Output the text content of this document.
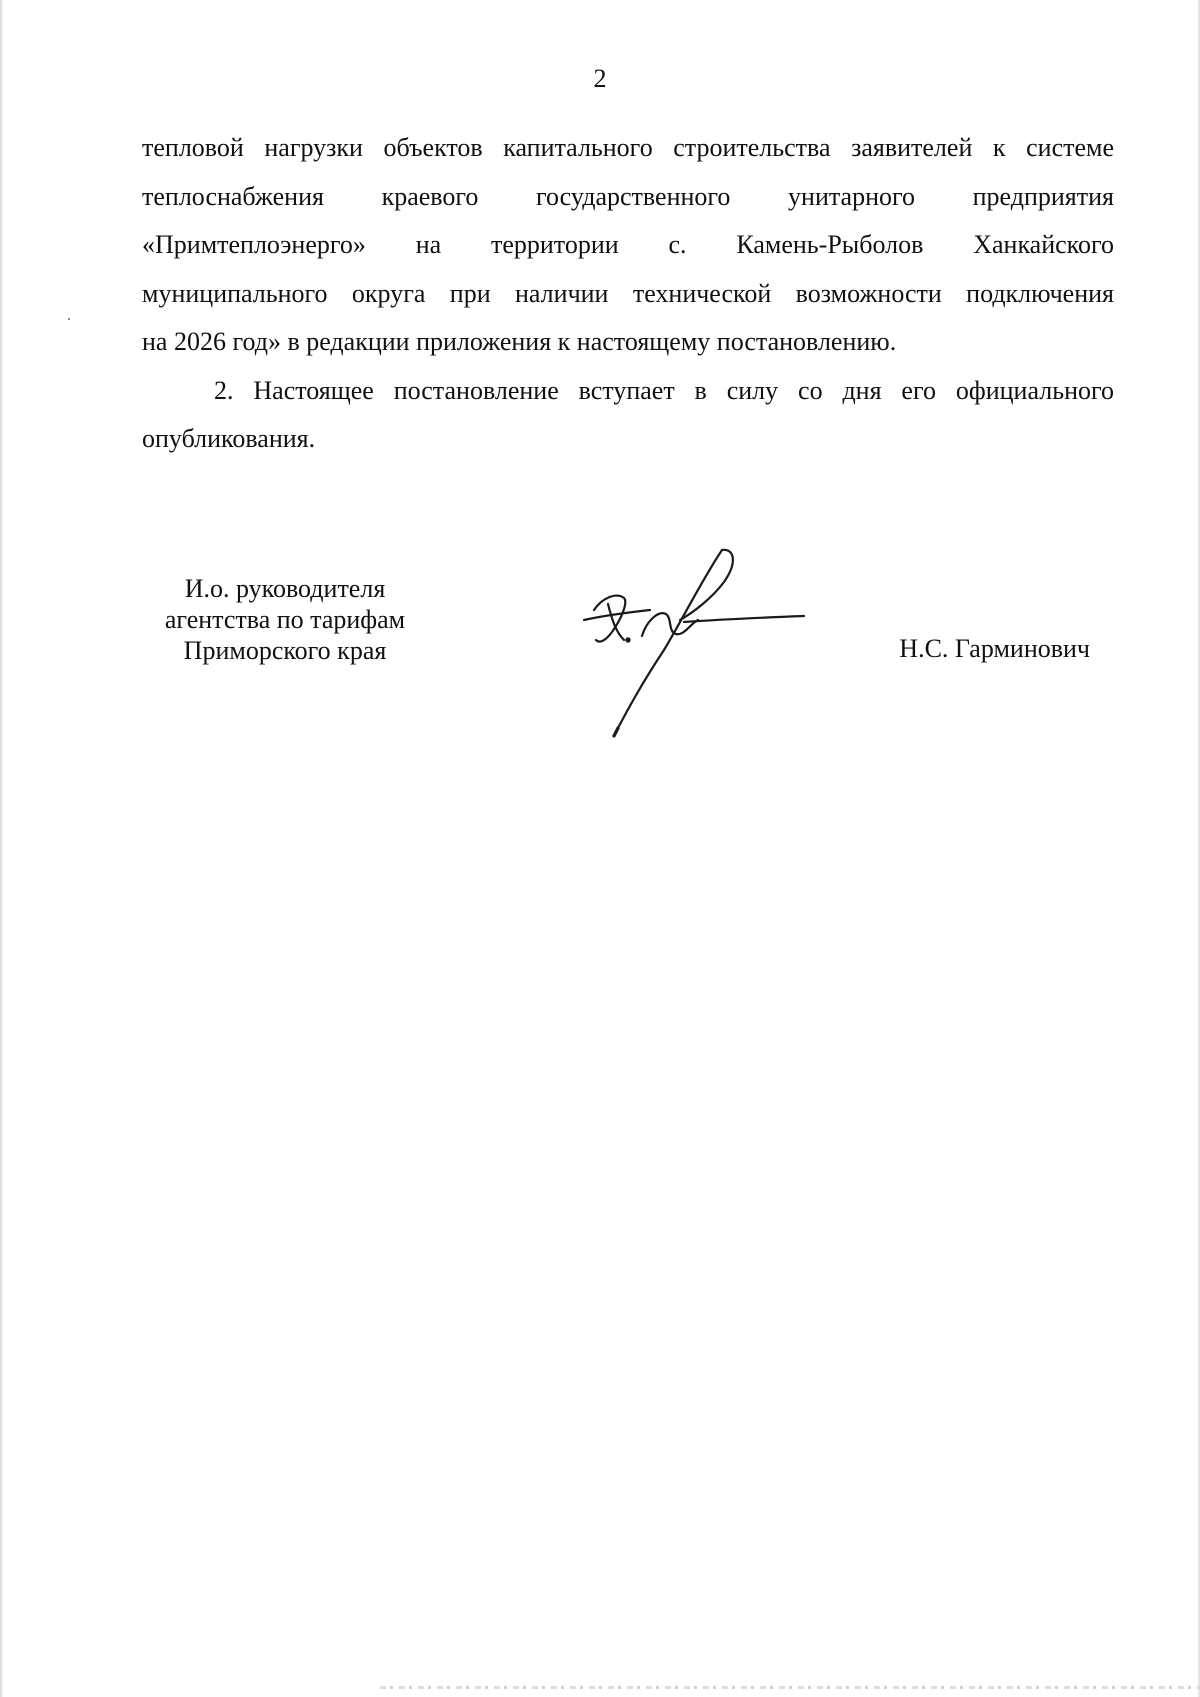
2

тепловой нагрузки объектов капитального строительства заявителей к системе
теплоснабжения краевого государственного унитарного предприятия
«Примтеплоэнерго» на территории с. Камень-Рыболов Ханкайского
муниципального округа при наличии технической возможности подключения
на 2026 год» в редакции приложения к настоящему постановлению.

2. Настоящее постановление вступает в силу со дня его официального
опубликования.

И.о. руководителя
агентства по тарифам
Приморского края	Н.С. Гарминович
